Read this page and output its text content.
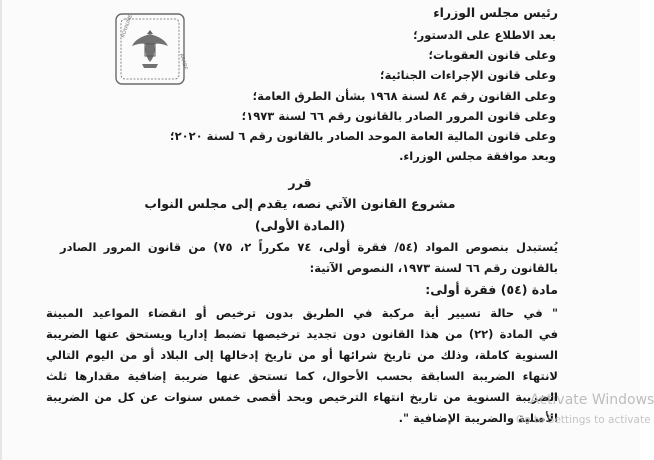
ROYAUME
ARABE
رئيس مجلس الوزراء
بعد الاطلاع على الدستور؛
وعلى قانون العقوبات؛
وعلى قانون الإجراءات الجنائية؛
وعلى القانون رقم ٨٤ لسنة ١٩٦٨ بشأن الطرق العامة؛
وعلى قانون المرور الصادر بالقانون رقم ٦٦ لسنة ١٩٧٣؛
وعلى قانون المالية العامة الموحد الصادر بالقانون رقم ٦ لسنة ٢٠٢٠؛
وبعد موافقة مجلس الوزراء.
قرر
مشروع القانون الآتي نصه، يقدم إلى مجلس النواب
(المادة الأولى)
يُستبدل بنصوص المواد (٥٤/ فقرة أولى، ٧٤ مكرراً ٢، ٧٥) من قانون المرور الصادر
بالقانون رقم ٦٦ لسنة ١٩٧٣، النصوص الآتية:
مادة (٥٤) فقرة أولى:
" في حالة تسيير أية مركبة في الطريق بدون ترخيص أو انقضاء المواعيد المبينة
في المادة (٢٢) من هذا القانون دون تجديد ترخيصها تضبط إداريا ويستحق عنها الضريبة
السنوية كاملة، وذلك من تاريخ شرائها أو من تاريخ إدخالها إلى البلاد أو من اليوم التالي
لانتهاء الضريبة السابقة بحسب الأحوال، كما تستحق عنها ضريبة إضافية مقدارها ثلث
الضريبة السنوية من تاريخ انتهاء الترخيص وبحد أقصى خمس سنوات عن كل من الضريبة
الأصلية والضريبة الإضافية ".
Activate Windows
Go to Settings to activate
